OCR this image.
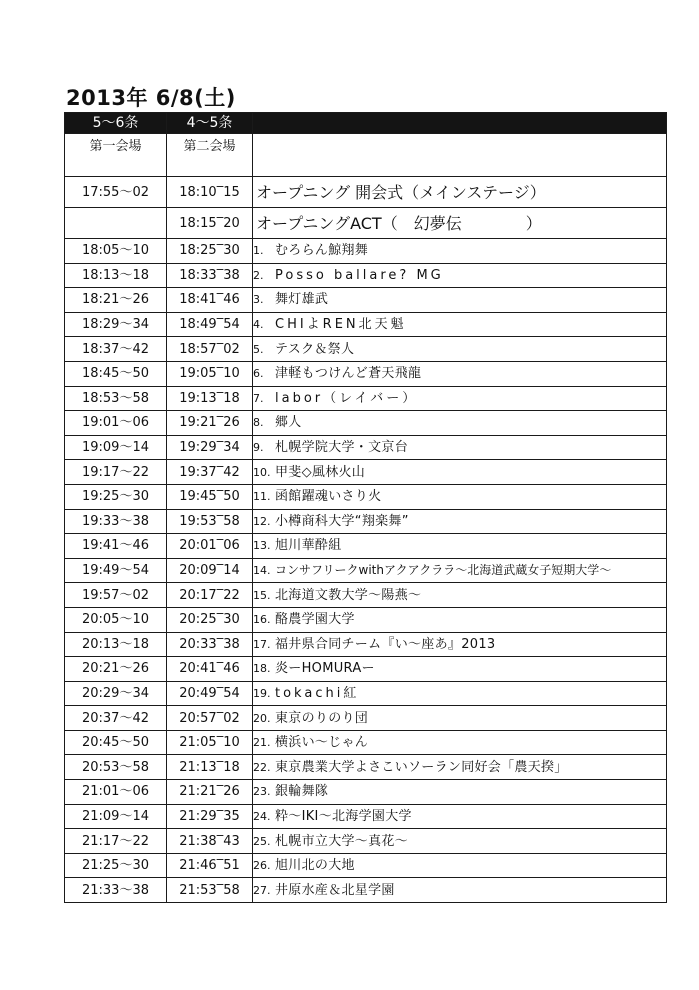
2013年 6/8(土)
5～6条	4～5条	
第一会場	第二会場	
17:55～02	18:10‾15	オープニング 開会式（メインステージ）
	18:15‾20	オープニングACT（　幻夢伝　　　　）
18:05～10	18:25‾30	1. むろらん鯨翔舞
18:13～18	18:33‾38	2. Posso ballare? MG
18:21～26	18:41‾46	3. 舞灯雄武
18:29～34	18:49‾54	4. CHIよREN北天魁
18:37～42	18:57‾02	5. テスク＆祭人
18:45～50	19:05‾10	6. 津軽もつけんど蒼天飛龍
18:53～58	19:13‾18	7. labor（レイバー）
19:01～06	19:21‾26	8. 郷人
19:09～14	19:29‾34	9. 札幌学院大学・文京台
19:17～22	19:37‾42	10. 甲斐◇風林火山
19:25～30	19:45‾50	11. 函館躍魂いさり火
19:33～38	19:53‾58	12. 小樽商科大学“翔楽舞”
19:41～46	20:01‾06	13. 旭川華酔組
19:49～54	20:09‾14	14. コンサフリークwithアクアクララ～北海道武蔵女子短期大学～
19:57～02	20:17‾22	15. 北海道文教大学～陽燕～
20:05～10	20:25‾30	16. 酪農学園大学
20:13～18	20:33‾38	17. 福井県合同チーム『い～座あ』2013
20:21～26	20:41‾46	18. 炎ーHOMURAー
20:29～34	20:49‾54	19. tokachi紅
20:37～42	20:57‾02	20. 東京のりのり団
20:45～50	21:05‾10	21. 横浜い～じゃん
20:53～58	21:13‾18	22. 東京農業大学よさこいソーラン同好会「農天揆」
21:01～06	21:21‾26	23. 銀輪舞隊
21:09～14	21:29‾35	24. 粋～IKI～北海学園大学
21:17～22	21:38‾43	25. 札幌市立大学～真花～
21:25～30	21:46‾51	26. 旭川北の大地
21:33～38	21:53‾58	27. 井原水産＆北星学園
